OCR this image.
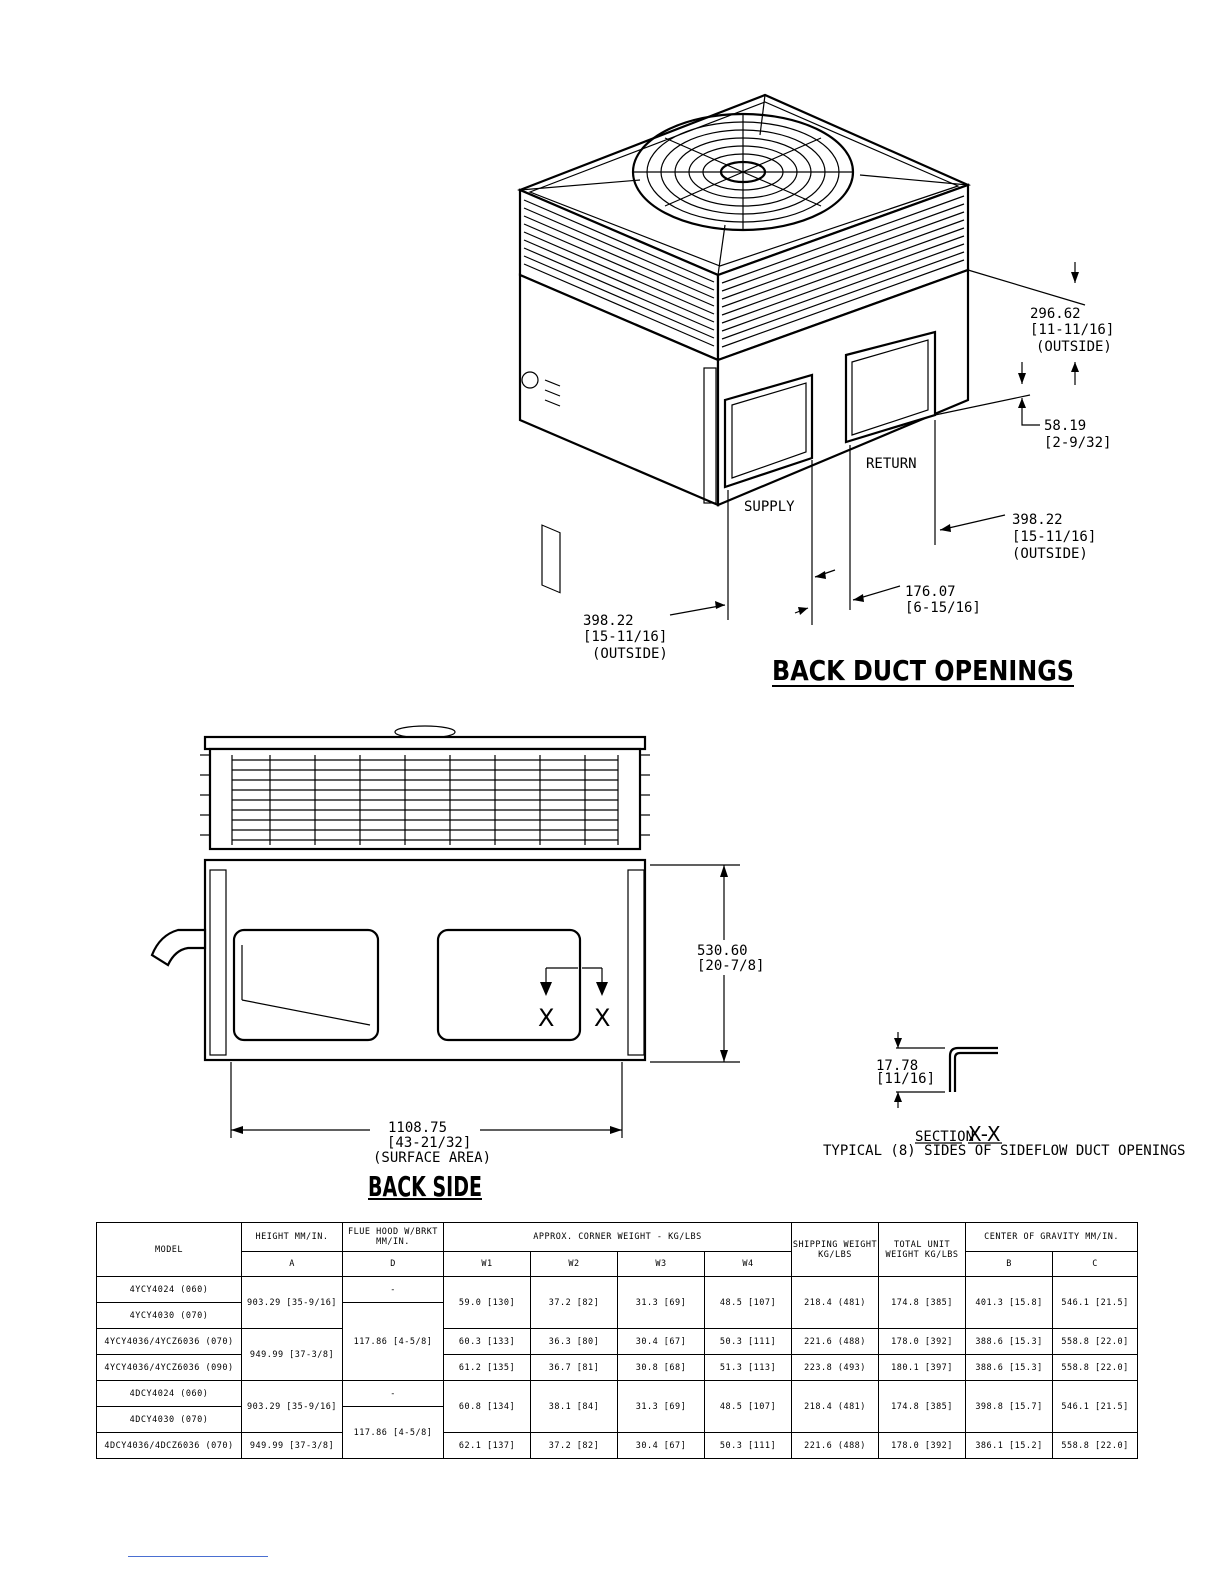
296.62
[11-11/16]
(OUTSIDE)
58.19
[2-9/32]
RETURN
SUPPLY
398.22
[15-11/16]
(OUTSIDE)
176.07
[6-15/16]
398.22
[15-11/16]
(OUTSIDE)	BACK DUCT OPENINGS
X X
530.60
[20-7/8]
1108.75
[43-21/32]
(SURFACE AREA)
BACK SIDE
17.78
[11/16]
SECTION
X-X
TYPICAL (8) SIDES OF SIDEFLOW DUCT OPENINGS
MODEL	HEIGHT MM/IN.	FLUE HOOD W/BRKT MM/IN.	APPROX. CORNER WEIGHT - KG/LBS				SHIPPING WEIGHT KG/LBS	TOTAL UNIT WEIGHT KG/LBS	CENTER OF GRAVITY MM/IN.	
	A	D	W1	W2	W3	W4			B	C
4YCY4024 (060)	903.29 [35-9/16]	-	59.0 [130]	37.2 [82]	31.3 [69]	48.5 [107]	218.4 (481)	174.8 [385]	401.3 [15.8]	546.1 [21.5]
4YCY4030 (070)		117.86 [4-5/8]								
4YCY4036/4YCZ6036 (070)	949.99 [37-3/8]		60.3 [133]	36.3 [80]	30.4 [67]	50.3 [111]	221.6 (488)	178.0 [392]	388.6 [15.3]	558.8 [22.0]
4YCY4036/4YCZ6036 (090)			61.2 [135]	36.7 [81]	30.8 [68]	51.3 [113]	223.8 (493)	180.1 [397]	388.6 [15.3]	558.8 [22.0]
4DCY4024 (060)	903.29 [35-9/16]	-	60.8 [134]	38.1 [84]	31.3 [69]	48.5 [107]	218.4 (481)	174.8 [385]	398.8 [15.7]	546.1 [21.5]
4DCY4030 (070)		117.86 [4-5/8]								
4DCY4036/4DCZ6036 (070)	949.99 [37-3/8]		62.1 [137]	37.2 [82]	30.4 [67]	50.3 [111]	221.6 (488)	178.0 [392]	386.1 [15.2]	558.8 [22.0]
